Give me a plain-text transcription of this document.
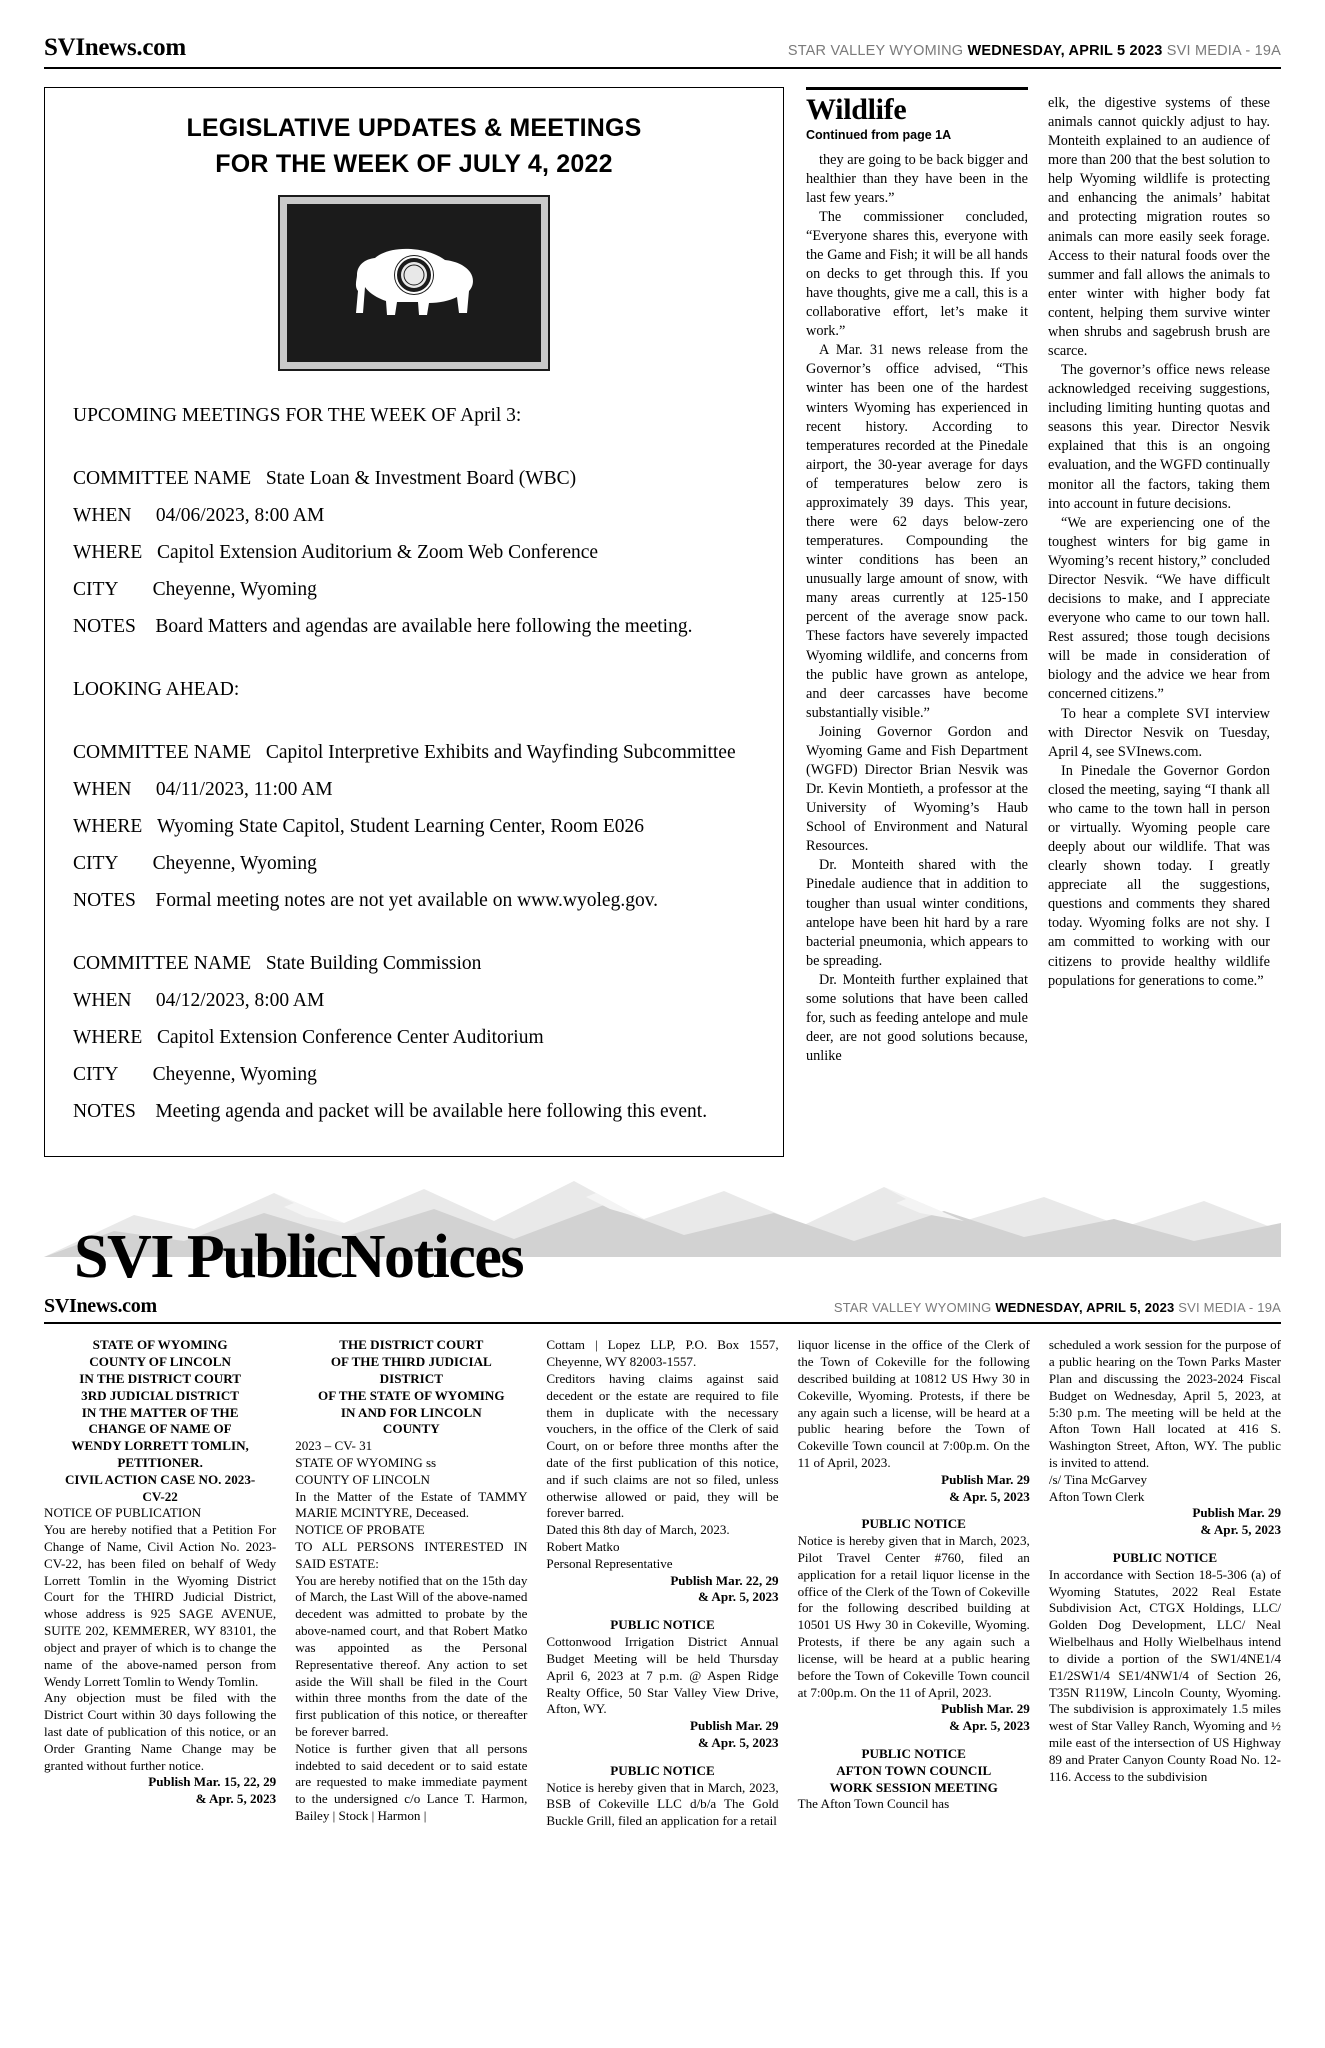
SVInews.com	STAR VALLEY WYOMING WEDNESDAY, APRIL 5 2023 SVI MEDIA - 19A
LEGISLATIVE UPDATES & MEETINGS
FOR THE WEEK OF JULY 4, 2022
UPCOMING MEETINGS FOR THE WEEK OF April 3:
COMMITTEE NAME State Loan & Investment Board (WBC)
WHEN 04/06/2023, 8:00 AM
WHERE Capitol Extension Auditorium & Zoom Web Conference
CITY Cheyenne, Wyoming
NOTES Board Matters and agendas are available here following the meeting.
LOOKING AHEAD:
COMMITTEE NAME Capitol Interpretive Exhibits and Wayfinding Subcommittee
WHEN 04/11/2023, 11:00 AM
WHERE Wyoming State Capitol, Student Learning Center, Room E026
CITY Cheyenne, Wyoming
NOTES Formal meeting notes are not yet available on www.wyoleg.gov.
COMMITTEE NAME State Building Commission
WHEN 04/12/2023, 8:00 AM
WHERE Capitol Extension Conference Center Auditorium
CITY Cheyenne, Wyoming
NOTES Meeting agenda and packet will be available here following this event.
Wildlife
Continued from page 1A

they are going to be back bigger and healthier than they have been in the last few years.”

The commissioner concluded, “Everyone shares this, everyone with the Game and Fish; it will be all hands on decks to get through this. If you have thoughts, give me a call, this is a collaborative effort, let’s make it work.”

A Mar. 31 news release from the Governor’s office advised, “This winter has been one of the hardest winters Wyoming has experienced in recent history. According to temperatures recorded at the Pinedale airport, the 30-year average for days of temperatures below zero is approximately 39 days. This year, there were 62 days below-zero temperatures. Compounding the winter conditions has been an unusually large amount of snow, with many areas currently at 125-150 percent of the average snow pack. These factors have severely impacted Wyoming wildlife, and concerns from the public have grown as antelope, and deer carcasses have become substantially visible.”

Joining Governor Gordon and Wyoming Game and Fish Department (WGFD) Director Brian Nesvik was Dr. Kevin Montieth, a professor at the University of Wyoming’s Haub School of Environment and Natural Resources.

Dr. Monteith shared with the Pinedale audience that in addition to tougher than usual winter conditions, antelope have been hit hard by a rare bacterial pneumonia, which appears to be spreading.

Dr. Monteith further explained that some solutions that have been called for, such as feeding antelope and mule deer, are not good solutions because, unlike

elk, the digestive systems of these animals cannot quickly adjust to hay. Monteith explained to an audience of more than 200 that the best solution to help Wyoming wildlife is protecting and enhancing the animals’ habitat and protecting migration routes so animals can more easily seek forage. Access to their natural foods over the summer and fall allows the animals to enter winter with higher body fat content, helping them survive winter when shrubs and sagebrush brush are scarce.

The governor’s office news release acknowledged receiving suggestions, including limiting hunting quotas and seasons this year. Director Nesvik explained that this is an ongoing evaluation, and the WGFD continually monitor all the factors, taking them into account in future decisions.

“We are experiencing one of the toughest winters for big game in Wyoming’s recent history,” concluded Director Nesvik. “We have difficult decisions to make, and I appreciate everyone who came to our town hall. Rest assured; those tough decisions will be made in consideration of biology and the advice we hear from concerned citizens.”

To hear a complete SVI interview with Director Nesvik on Tuesday, April 4, see SVInews.com.

In Pinedale the Governor Gordon closed the meeting, saying “I thank all who came to the town hall in person or virtually. Wyoming people care deeply about our wildlife. That was clearly shown today. I greatly appreciate all the suggestions, questions and comments they shared today. Wyoming folks are not shy. I am committed to working with our citizens to provide healthy wildlife populations for generations to come.”

SVI PublicNotices
SVInews.com	STAR VALLEY WYOMING WEDNESDAY, APRIL 5, 2023 SVI MEDIA - 19A

STATE OF WYOMING

COUNTY OF LINCOLN

IN THE DISTRICT COURT

3RD JUDICIAL DISTRICT

IN THE MATTER OF THE

CHANGE OF NAME OF

WENDY LORRETT TOMLIN,

PETITIONER.

CIVIL ACTION CASE NO. 2023-

CV-22

NOTICE OF PUBLICATION

You are hereby notified that a Petition For Change of Name, Civil Action No. 2023-CV-22, has been filed on behalf of Wedy Lorrett Tomlin in the Wyoming District Court for the THIRD Judicial District, whose address is 925 SAGE AVENUE, SUITE 202, KEMMERER, WY 83101, the object and prayer of which is to change the name of the above-named person from Wendy Lorrett Tomlin to Wendy Tomlin.

Any objection must be filed with the District Court within 30 days following the last date of publication of this notice, or an Order Granting Name Change may be granted without further notice.

Publish Mar. 15, 22, 29

& Apr. 5, 2023

THE DISTRICT COURT

OF THE THIRD JUDICIAL

DISTRICT

OF THE STATE OF WYOMING

IN AND FOR LINCOLN

COUNTY

2023 – CV- 31

STATE OF WYOMING ss

COUNTY OF LINCOLN

In the Matter of the Estate of TAMMY MARIE MCINTYRE, Deceased.

NOTICE OF PROBATE

TO ALL PERSONS INTERESTED IN SAID ESTATE:

You are hereby notified that on the 15th day of March, the Last Will of the above-named decedent was admitted to probate by the above-named court, and that Robert Matko was appointed as the Personal Representative thereof. Any action to set aside the Will shall be filed in the Court within three months from the date of the first publication of this notice, or thereafter be forever barred.

Notice is further given that all persons indebted to said decedent or to said estate are requested to make immediate payment to the undersigned c/o Lance T. Harmon, Bailey | Stock | Harmon |

Cottam | Lopez LLP, P.O. Box 1557, Cheyenne, WY 82003-1557.

Creditors having claims against said decedent or the estate are required to file them in duplicate with the necessary vouchers, in the office of the Clerk of said Court, on or before three months after the date of the first publication of this notice, and if such claims are not so filed, unless otherwise allowed or paid, they will be forever barred.

Dated this 8th day of March, 2023.

Robert Matko

Personal Representative

Publish Mar. 22, 29

& Apr. 5, 2023

PUBLIC NOTICE

Cottonwood Irrigation District Annual Budget Meeting will be held Thursday April 6, 2023 at 7 p.m. @ Aspen Ridge Realty Office, 50 Star Valley View Drive, Afton, WY.

Publish Mar. 29

& Apr. 5, 2023

PUBLIC NOTICE

Notice is hereby given that in March, 2023, BSB of Cokeville LLC d/b/a The Gold Buckle Grill, filed an application for a retail

liquor license in the office of the Clerk of the Town of Cokeville for the following described building at 10812 US Hwy 30 in Cokeville, Wyoming. Protests, if there be any again such a license, will be heard at a public hearing before the Town of Cokeville Town council at 7:00p.m. On the 11 of April, 2023.

Publish Mar. 29

& Apr. 5, 2023

PUBLIC NOTICE

Notice is hereby given that in March, 2023, Pilot Travel Center #760, filed an application for a retail liquor license in the office of the Clerk of the Town of Cokeville for the following described building at 10501 US Hwy 30 in Cokeville, Wyoming. Protests, if there be any again such a license, will be heard at a public hearing before the Town of Cokeville Town council at 7:00p.m. On the 11 of April, 2023.

Publish Mar. 29

& Apr. 5, 2023

PUBLIC NOTICE

AFTON TOWN COUNCIL

WORK SESSION MEETING

The Afton Town Council has

scheduled a work session for the purpose of a public hearing on the Town Parks Master Plan and discussing the 2023-2024 Fiscal Budget on Wednesday, April 5, 2023, at 5:30 p.m. The meeting will be held at the Afton Town Hall located at 416 S. Washington Street, Afton, WY. The public is invited to attend.

/s/ Tina McGarvey

Afton Town Clerk

Publish Mar. 29

& Apr. 5, 2023

PUBLIC NOTICE

In accordance with Section 18-5-306 (a) of Wyoming Statutes, 2022 Real Estate Subdivision Act, CTGX Holdings, LLC/ Golden Dog Development, LLC/ Neal Wielbelhaus and Holly Wielbelhaus intend to divide a portion of the SW1/4NE1/4 E1/2SW1/4 SE1/4NW1/4 of Section 26, T35N R119W, Lincoln County, Wyoming. The subdivision is approximately 1.5 miles west of Star Valley Ranch, Wyoming and ½ mile east of the intersection of US Highway 89 and Prater Canyon County Road No. 12-116. Access to the subdivision
